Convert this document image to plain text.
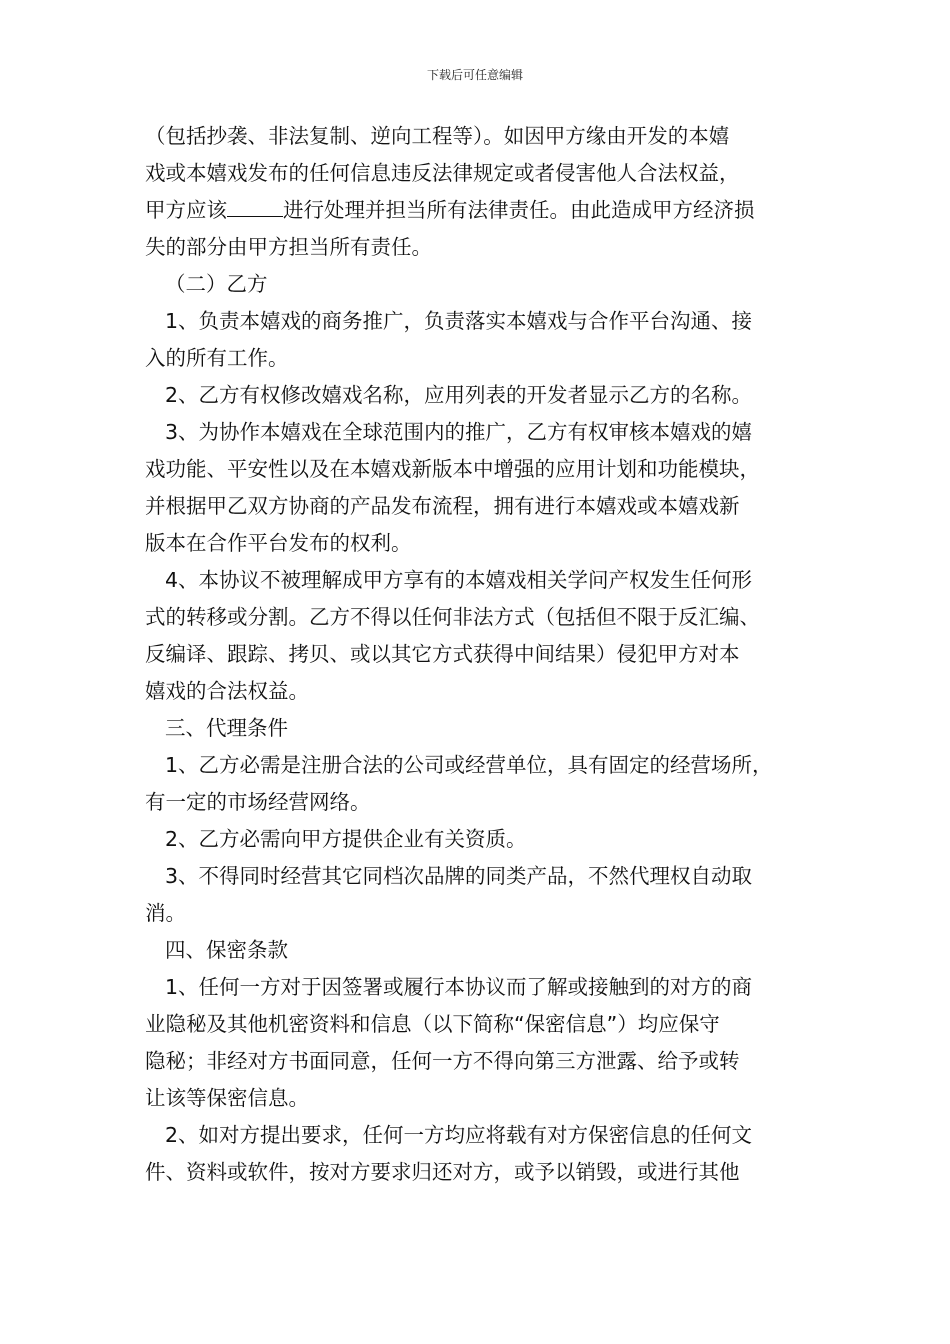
下载后可任意编辑
（包括抄袭、非法复制、逆向工程等）。如因甲方缘由开发的本嬉
戏或本嬉戏发布的任何信息违反法律规定或者侵害他人合法权益，
甲方应该	进行处理并担当所有法律责任。由此造成甲方经济损
失的部分由甲方担当所有责任。
（二）乙方
1、负责本嬉戏的商务推广，负责落实本嬉戏与合作平台沟通、接
入的所有工作。
2、乙方有权修改嬉戏名称，应用列表的开发者显示乙方的名称。
3、为协作本嬉戏在全球范围内的推广，乙方有权审核本嬉戏的嬉
戏功能、平安性以及在本嬉戏新版本中增强的应用计划和功能模块，
并根据甲乙双方协商的产品发布流程，拥有进行本嬉戏或本嬉戏新
版本在合作平台发布的权利。
4、本协议不被理解成甲方享有的本嬉戏相关学问产权发生任何形
式的转移或分割。乙方不得以任何非法方式（包括但不限于反汇编、
反编译、跟踪、拷贝、或以其它方式获得中间结果）侵犯甲方对本
嬉戏的合法权益。
三、代理条件
1、乙方必需是注册合法的公司或经营单位，具有固定的经营场所，
有一定的市场经营网络。
2、乙方必需向甲方提供企业有关资质。
3、不得同时经营其它同档次品牌的同类产品，不然代理权自动取
消。
四、保密条款
1、任何一方对于因签署或履行本协议而了解或接触到的对方的商
业隐秘及其他机密资料和信息（以下简称“保密信息”）均应保守
隐秘；非经对方书面同意，任何一方不得向第三方泄露、给予或转
让该等保密信息。
2、如对方提出要求，任何一方均应将载有对方保密信息的任何文
件、资料或软件，按对方要求归还对方，或予以销毁，或进行其他
